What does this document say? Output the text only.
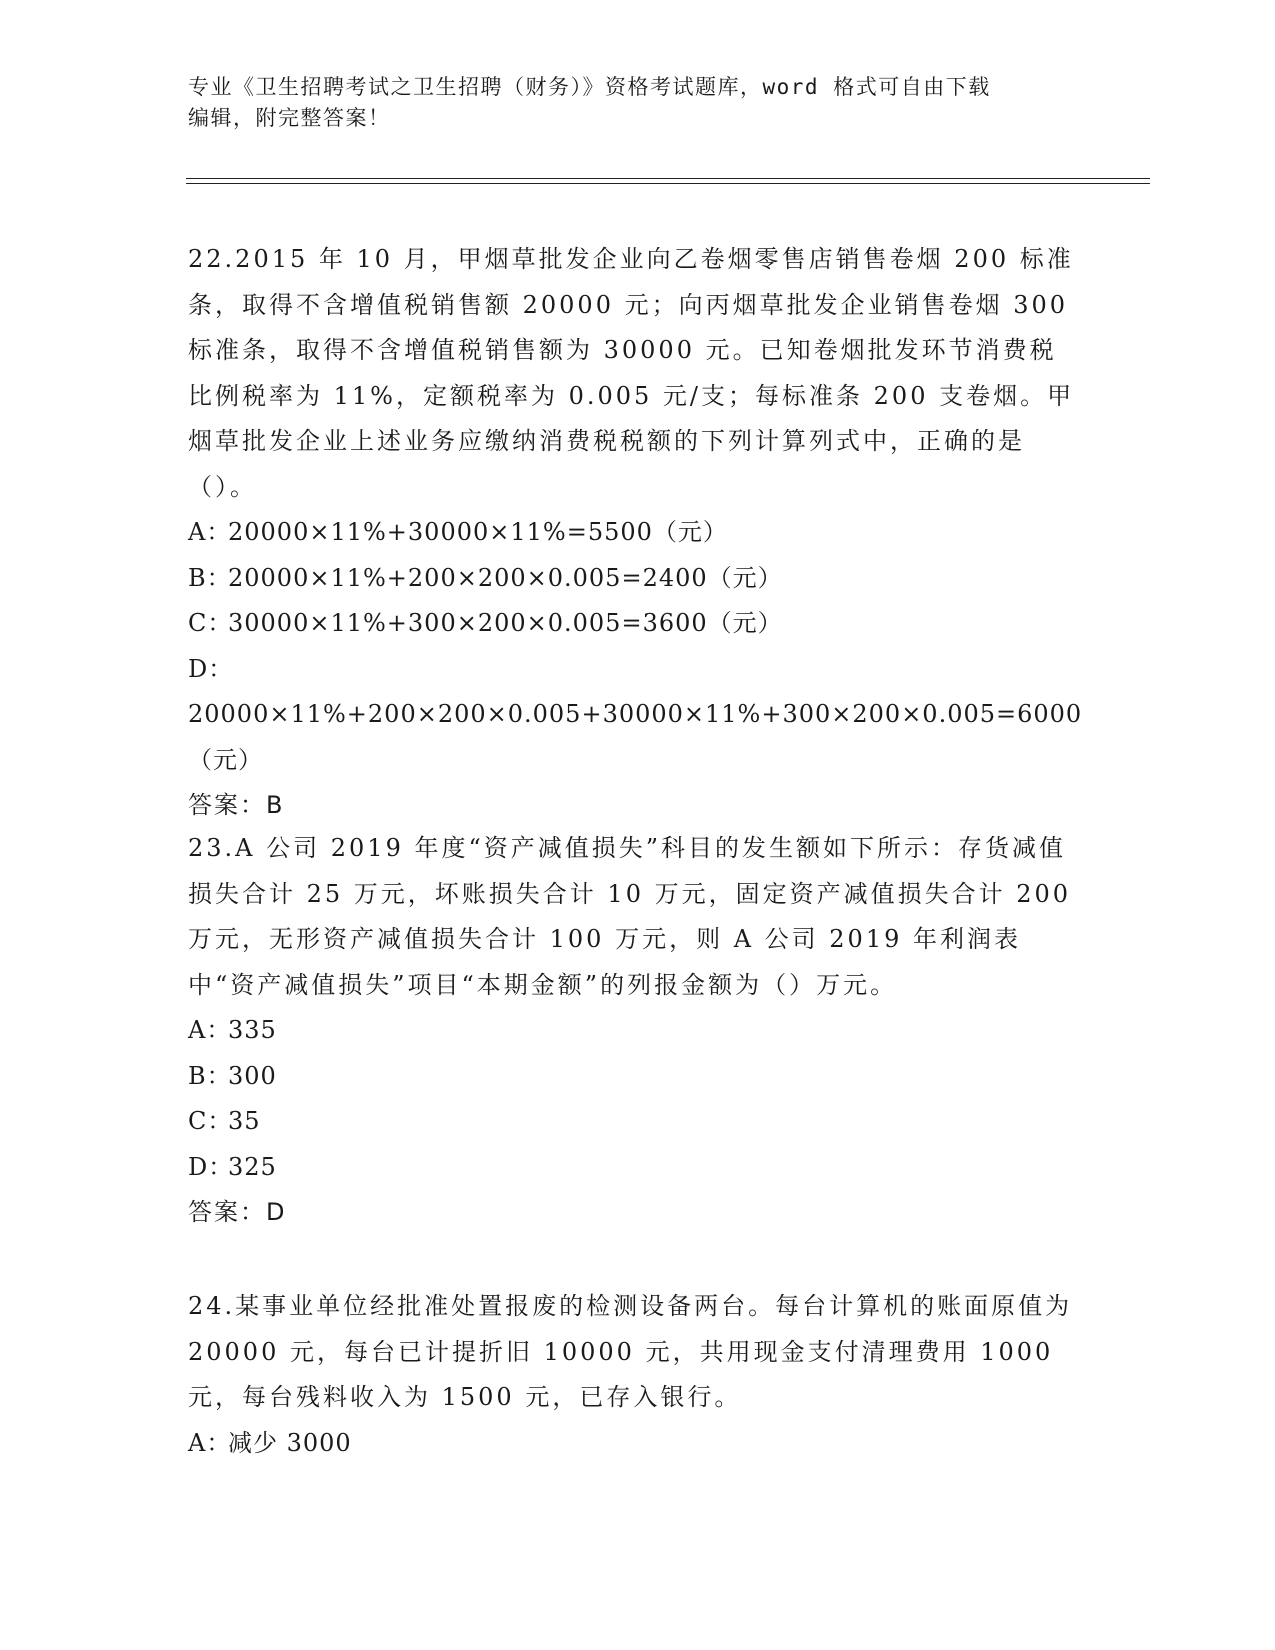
专业《卫生招聘考试之卫生招聘（财务）》资格考试题库，word 格式可自由下载
编辑，附完整答案！

22.2015 年 10 月，甲烟草批发企业向乙卷烟零售店销售卷烟 200 标准条，取得不含增值税销售额 20000 元；向丙烟草批发企业销售卷烟 300 标准条，取得不含增值税销售额为 30000 元。已知卷烟批发环节消费税比例税率为 11%，定额税率为 0.005 元/支；每标准条 200 支卷烟。甲烟草批发企业上述业务应缴纳消费税税额的下列计算列式中，正确的是（）。

A：20000×11%+30000×11%=5500（元）

B：20000×11%+200×200×0.005=2400（元）

C：30000×11%+300×200×0.005=3600（元）

D：20000×11%+200×200×0.005+30000×11%+300×200×0.005=6000（元）

答案：B

23.A 公司 2019 年度“资产减值损失”科目的发生额如下所示：存货减值损失合计 25 万元，坏账损失合计 10 万元，固定资产减值损失合计 200 万元，无形资产减值损失合计 100 万元，则 A 公司 2019 年利润表中“资产减值损失”项目“本期金额”的列报金额为（）万元。

A：335

B：300

C：35

D：325

答案：D

24.某事业单位经批准处置报废的检测设备两台。每台计算机的账面原值为 20000 元，每台已计提折旧 10000 元，共用现金支付清理费用 1000 元，每台残料收入为 1500 元，已存入银行。

A：减少 3000
